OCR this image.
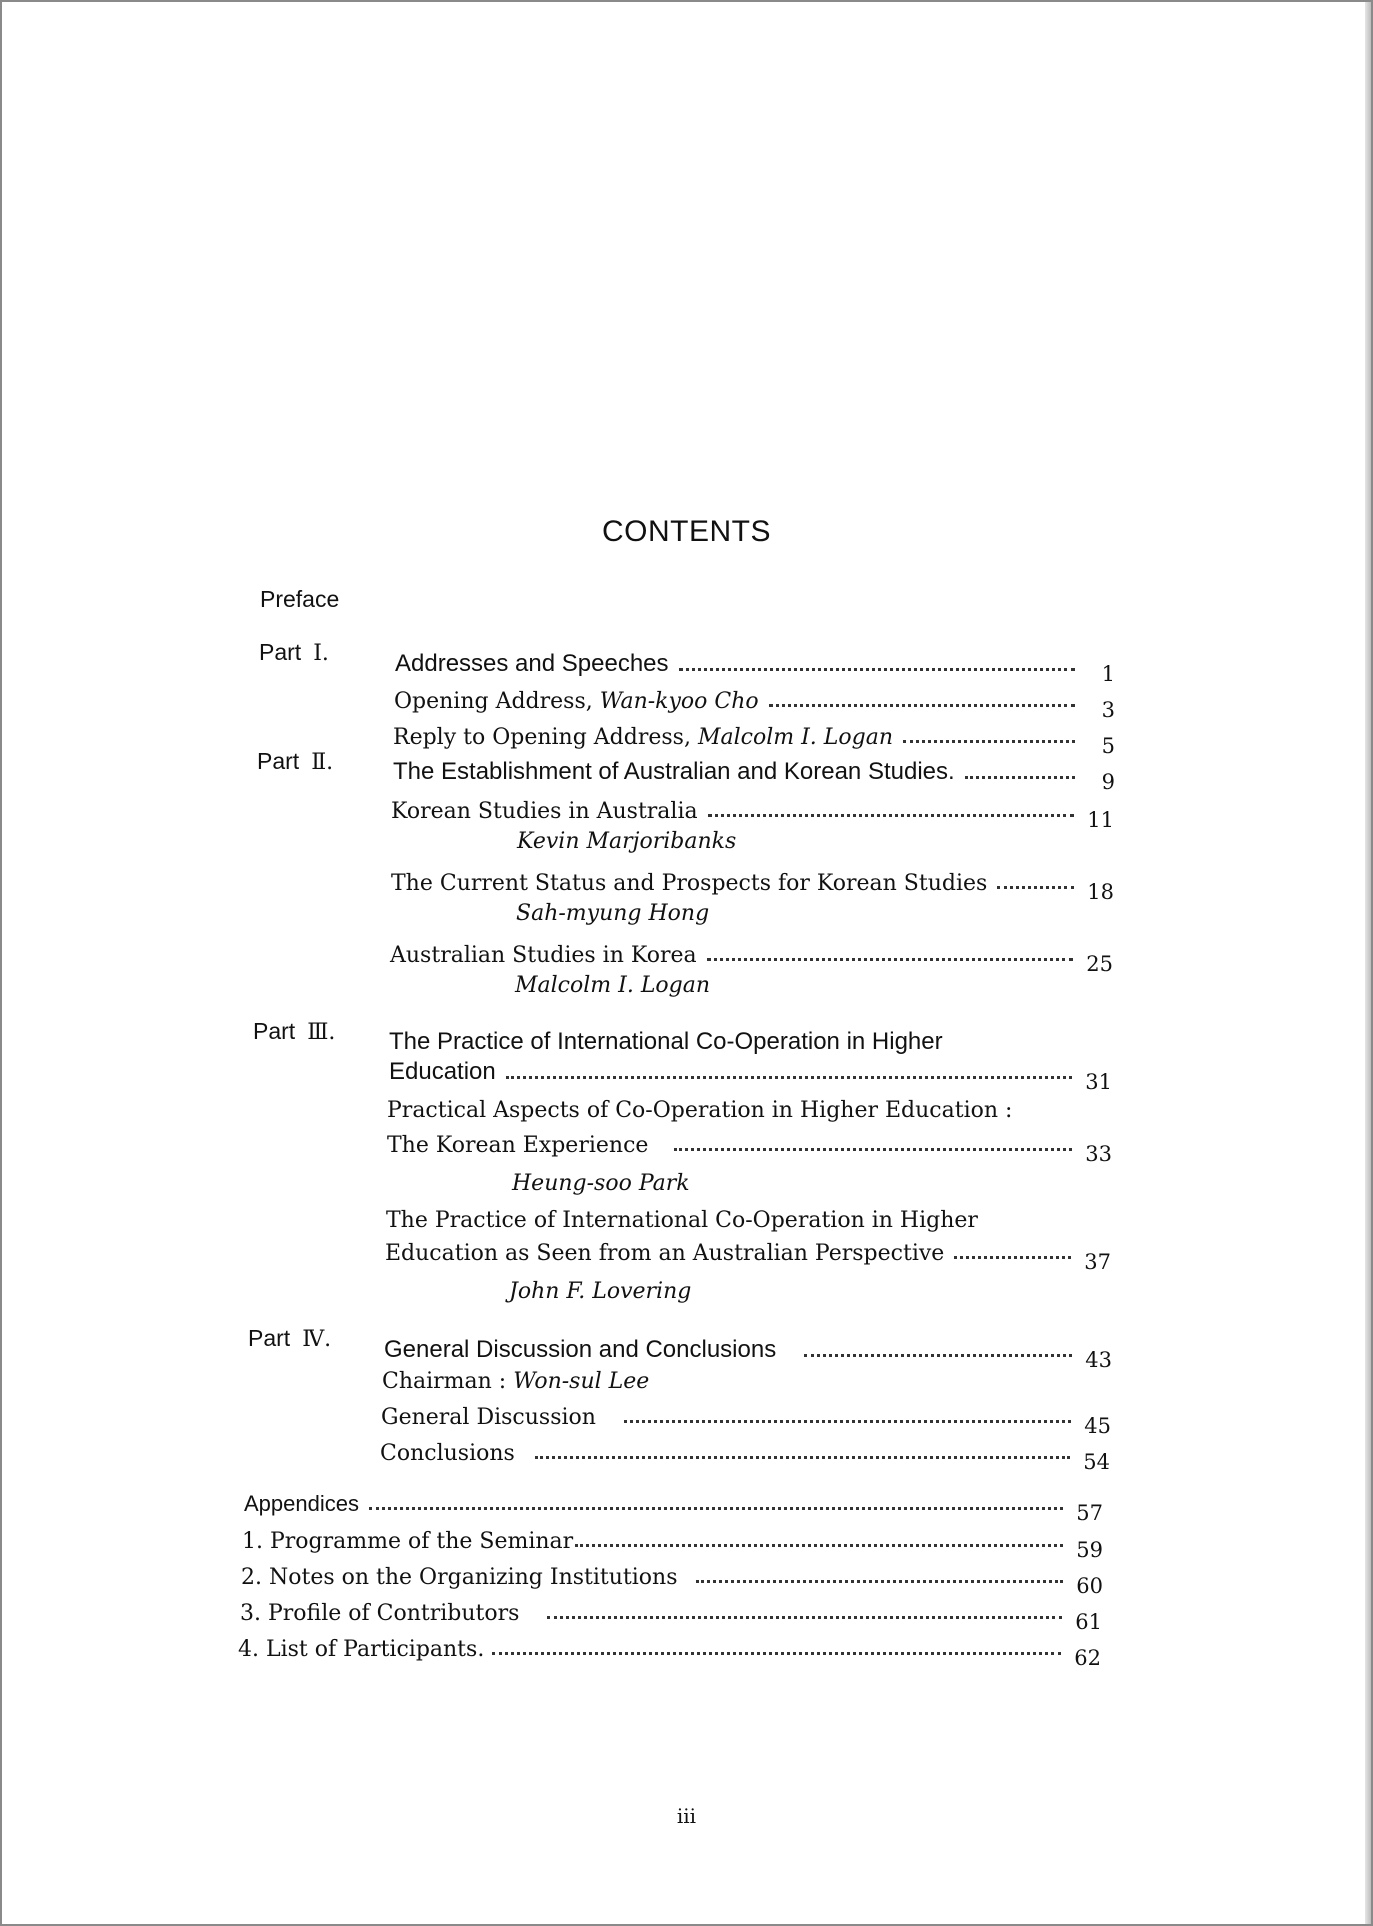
CONTENTS
Preface
Part Ⅰ.	Addresses and Speeches	1
Opening Address, Wan-kyoo Cho	3
Reply to Opening Address, Malcolm I. Logan	5
Part Ⅱ. The Establishment of Australian and Korean Studies.	9
Korean Studies in Australia	11
Kevin Marjoribanks
The Current Status and Prospects for Korean Studies	18
Sah-myung Hong
Australian Studies in Korea	25
Malcolm I. Logan
Part Ⅲ. The Practice of International Co-Operation in Higher
Education	31
Practical Aspects of Co-Operation in Higher Education :
The Korean Experience	33
Heung-soo Park
The Practice of International Co-Operation in Higher
Education as Seen from an Australian Perspective	37
John F. Lovering
Part Ⅳ. General Discussion and Conclusions	43
Chairman : Won-sul Lee
General Discussion	45
Conclusions	54
Appendices	57
1. Programme of the Seminar	59
2. Notes on the Organizing Institutions	60
3. Profile of Contributors	61
4. List of Participants.	62
iii
